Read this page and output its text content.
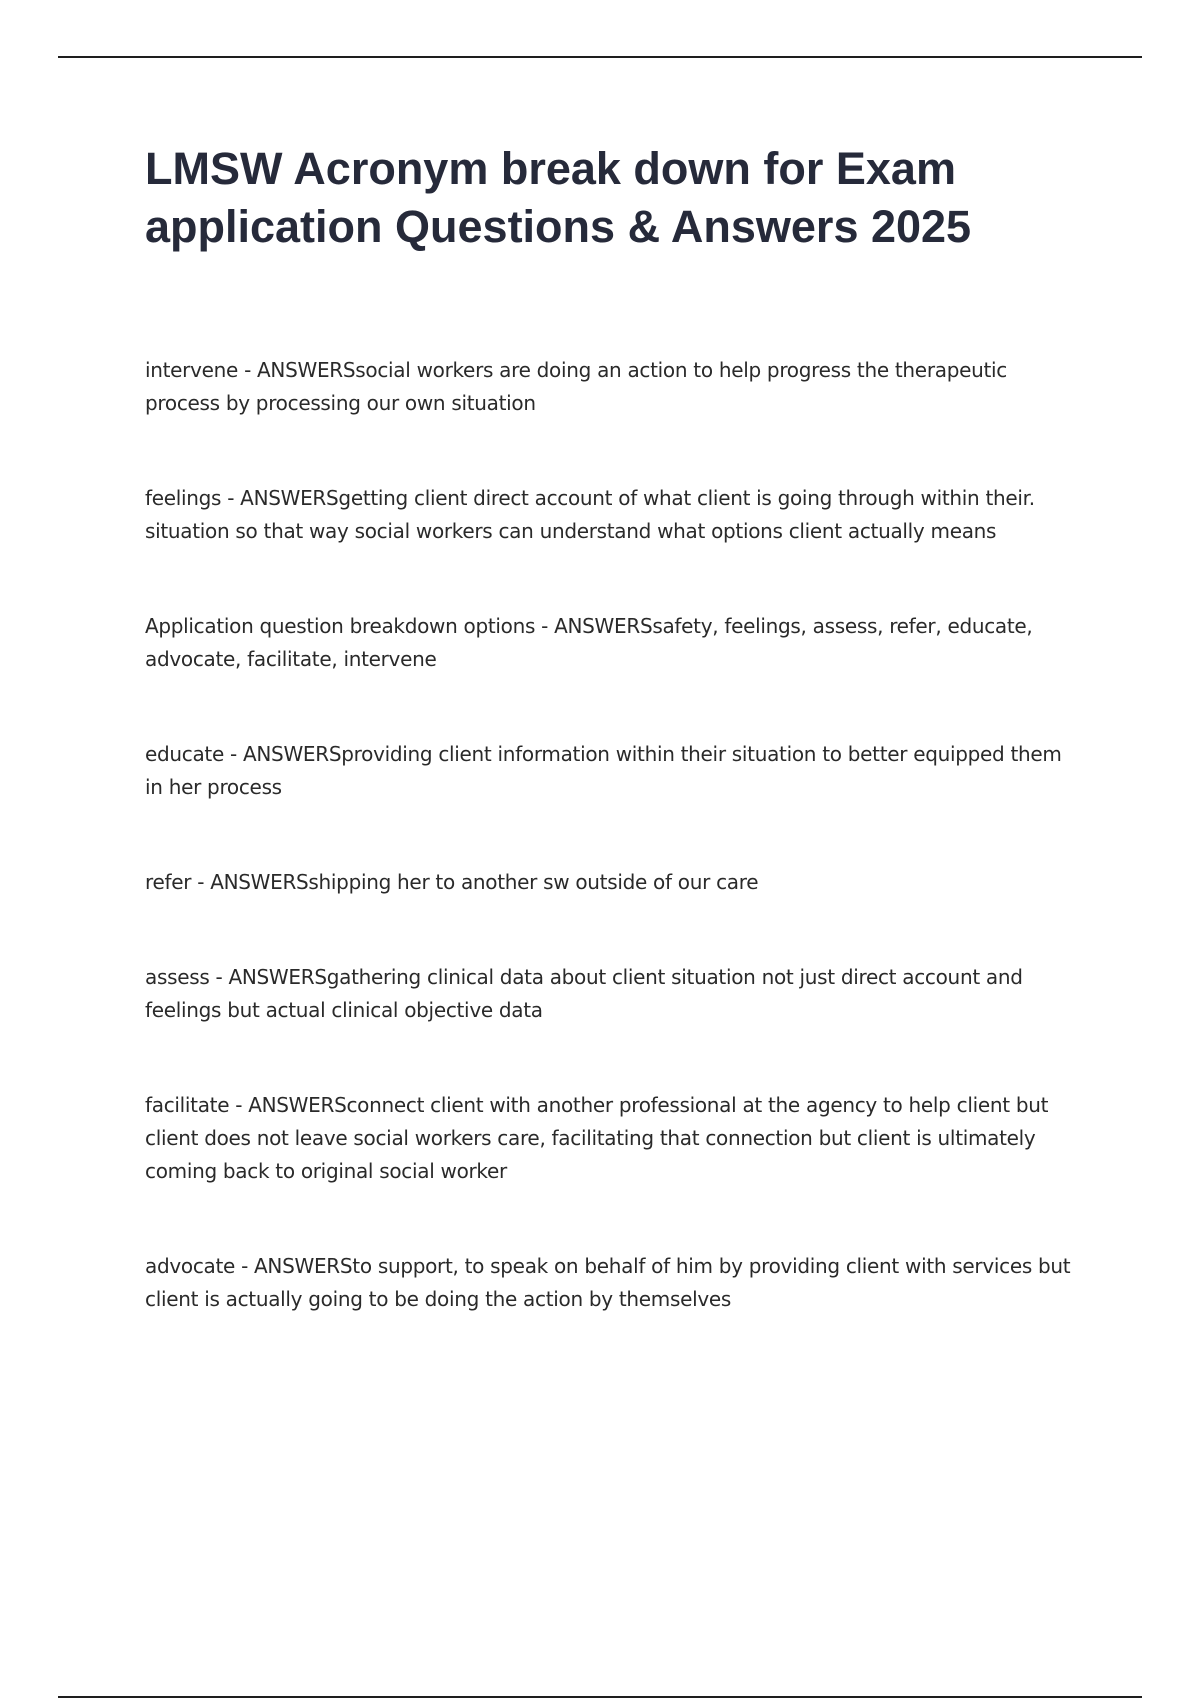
LMSW Acronym break down for Exam application Questions & Answers 2025
intervene - ANSWERSsocial workers are doing an action to help progress the therapeutic process by processing our own situation
feelings - ANSWERSgetting client direct account of what client is going through within their. situation so that way social workers can understand what options client actually means
Application question breakdown options - ANSWERSsafety, feelings, assess, refer, educate, advocate, facilitate, intervene
educate - ANSWERSproviding client information within their situation to better equipped them in her process
refer - ANSWERSshipping her to another sw outside of our care
assess - ANSWERSgathering clinical data about client situation not just direct account and feelings but actual clinical objective data
facilitate - ANSWERSconnect client with another professional at the agency to help client but client does not leave social workers care, facilitating that connection but client is ultimately coming back to original social worker
advocate - ANSWERSto support, to speak on behalf of him by providing client with services but client is actually going to be doing the action by themselves
